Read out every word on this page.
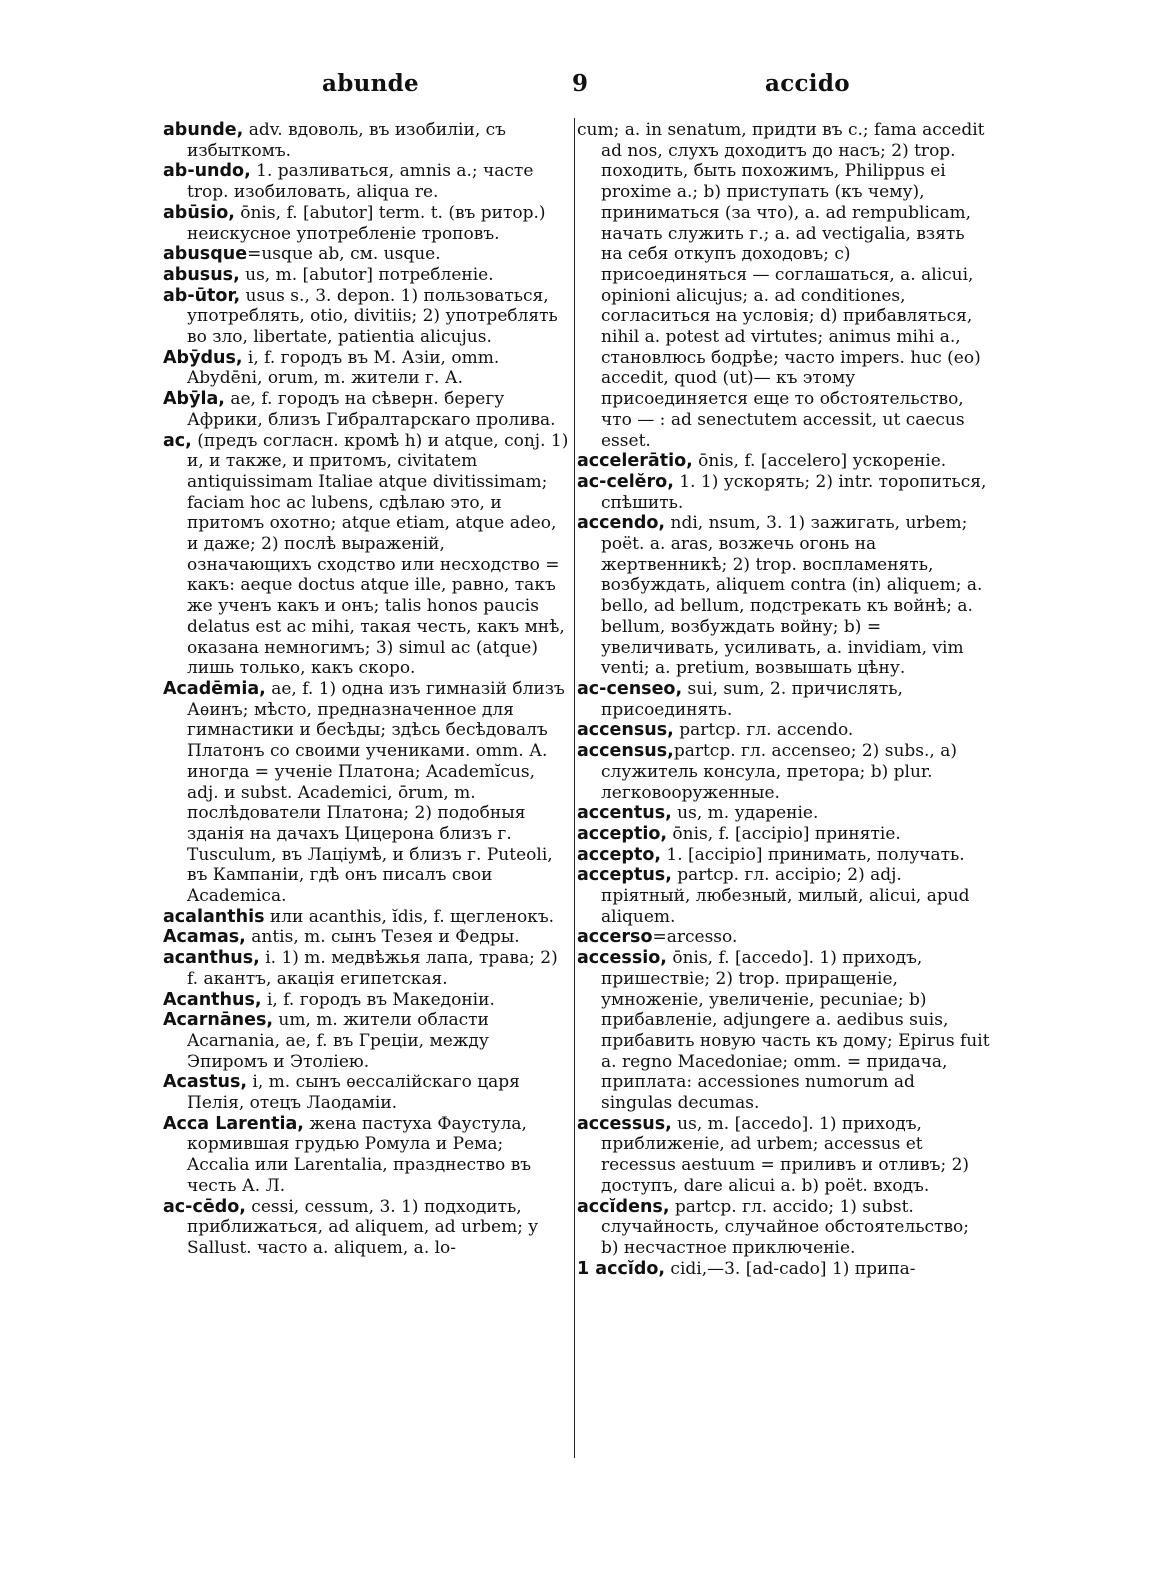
abunde	9	accido

abunde, adv. вдоволь, въ изобилiи, съ избыткомъ.

ab-undo, 1. разливаться, amnis a.; часте trop. изобиловать, aliqua re.

abūsio, ōnis, f. [abutor] term. t. (въ ритор.) неискусное употребленiе троповъ.

abusque=usque ab, см. usque.

abusus, us, m. [abutor] потребленiе.

ab-ūtor, usus s., 3. depon. 1) пользоваться, употреблять, otio, divitiis; 2) употреблять во зло, libertate, patientia alicujus.

Abȳdus, i, f. городъ въ М. Азiи, omm. Abydēni, orum, m. жители г. А.

Abȳla, ae, f. городъ на сѣверн. берегу Африки, близъ Гибралтарскаго пролива.

ac, (предъ согласн. кромѣ h) и atque, conj. 1) и, и также, и притомъ, civitatem antiquissimam Italiae atque divitissimam; faciam hoc ac lubens, сдѣлаю это, и притомъ охотно; atque etiam, atque adeo, и даже; 2) послѣ выраженiй, означающихъ сходство или несходство = какъ: aeque doctus atque ille, равно, такъ же ученъ какъ и онъ; talis honos paucis delatus est ac mihi, такая честь, какъ мнѣ, оказана немногимъ; 3) simul ac (atque) лишь только, какъ скоро.

Acadēmia, ae, f. 1) одна изъ гимназiй близъ Аѳинъ; мѣсто, предназначенное для гимнастики и бесѣды; здѣсь бесѣдовалъ Платонъ со своими учениками. omm. А. иногда = ученiе Платона; Academĭcus, adj. и subst. Academici, ōrum, m. послѣдователи Платона; 2) подобныя зданiя на дачахъ Цицерона близъ г. Tusculum, въ Лацiумѣ, и близъ г. Puteoli, въ Кампанiи, гдѣ онъ писалъ свои Academica.

acalanthis или acanthis, ĭdis, f. щегленокъ.

Acamas, antis, m. сынъ Тезея и Федры.

acanthus, i. 1) m. медвѣжья лапа, трава; 2) f. акантъ, акацiя египетская.

Acanthus, i, f. городъ въ Македонiи.

Acarnānes, um, m. жители области Acarnania, ae, f. въ Грецiи, между Эпиромъ и Этолiею.

Acastus, i, m. сынъ ѳессалiйскаго царя Пелiя, отецъ Лаодамiи.

Acca Larentia, жена пастуха Фаустула, кормившая грудью Ромула и Рема; Accalia или Larentalia, празднество въ честь А. Л.

ac-cēdo, cessi, cessum, 3. 1) подходить, приближаться, ad aliquem, ad urbem; y Sallust. часто a. aliquem, a. lo-

cum; a. in senatum, придти въ с.; fama accedit ad nos, слухъ доходитъ до насъ; 2) trop. походить, быть похожимъ, Philippus ei proxime a.; b) приступать (къ чему), приниматься (за что), a. ad rempublicam, начать служить г.; a. ad vectigalia, взять на себя откупъ доходовъ; c) присоединяться — соглашаться, a. alicui, opinioni alicujus; a. ad conditiones, согласиться на условiя; d) прибавляться, nihil a. potest ad virtutes; animus mihi a., становлюсь бодрѣе; часто impers. huc (eo) accedit, quod (ut)— къ этому присоединяется еще то обстоятельство, что — : ad senectutem accessit, ut caecus esset.

accelerātio, ōnis, f. [accelero] ускоренiе.

ac-celĕro, 1. 1) ускорять; 2) intr. торопиться, спѣшить.

accendo, ndi, nsum, 3. 1) зажигать, urbem; poët. a. aras, возжечь огонь на жертвенникѣ; 2) trop. воспламенять, возбуждать, aliquem contra (in) aliquem; a. bello, ad bellum, подстрекать къ войнѣ; a. bellum, возбуждать войну; b) = увеличивать, усиливать, a. invidiam, vim venti; a. pretium, возвышать цѣну.

ac-censeo, sui, sum, 2. причислять, присоединять.

accensus, partcp. гл. accendo.

accensus,partcp. гл. accenseo; 2) subs., a) служитель консула, претора; b) plur. легковооруженные.

accentus, us, m. ударенiе.

acceptio, ōnis, f. [accipio] принятiе.

accepto, 1. [accipio] принимать, получать.

acceptus, partcp. гл. accipio; 2) adj. прiятный, любезный, милый, alicui, apud aliquem.

accerso=arcesso.

accessio, ōnis, f. [accedo]. 1) приходъ, пришествiе; 2) trop. приращенiе, умноженiе, увеличенiе, pecuniae; b) прибавленiе, adjungere a. aedibus suis, прибавить новую часть къ дому; Epirus fuit a. regno Macedoniae; omm. = придача, приплата: accessiones numorum ad singulas decumas.

accessus, us, m. [accedo]. 1) приходъ, приближенiе, ad urbem; accessus et recessus aestuum = приливъ и отливъ; 2) доступъ, dare alicui a. b) poët. входъ.

accĭdens, partcp. гл. accido; 1) subst. случайность, случайное обстоятельство; b) несчастное приключенiе.

1 accĭdo, cidi,—3. [ad-cado] 1) припа-
